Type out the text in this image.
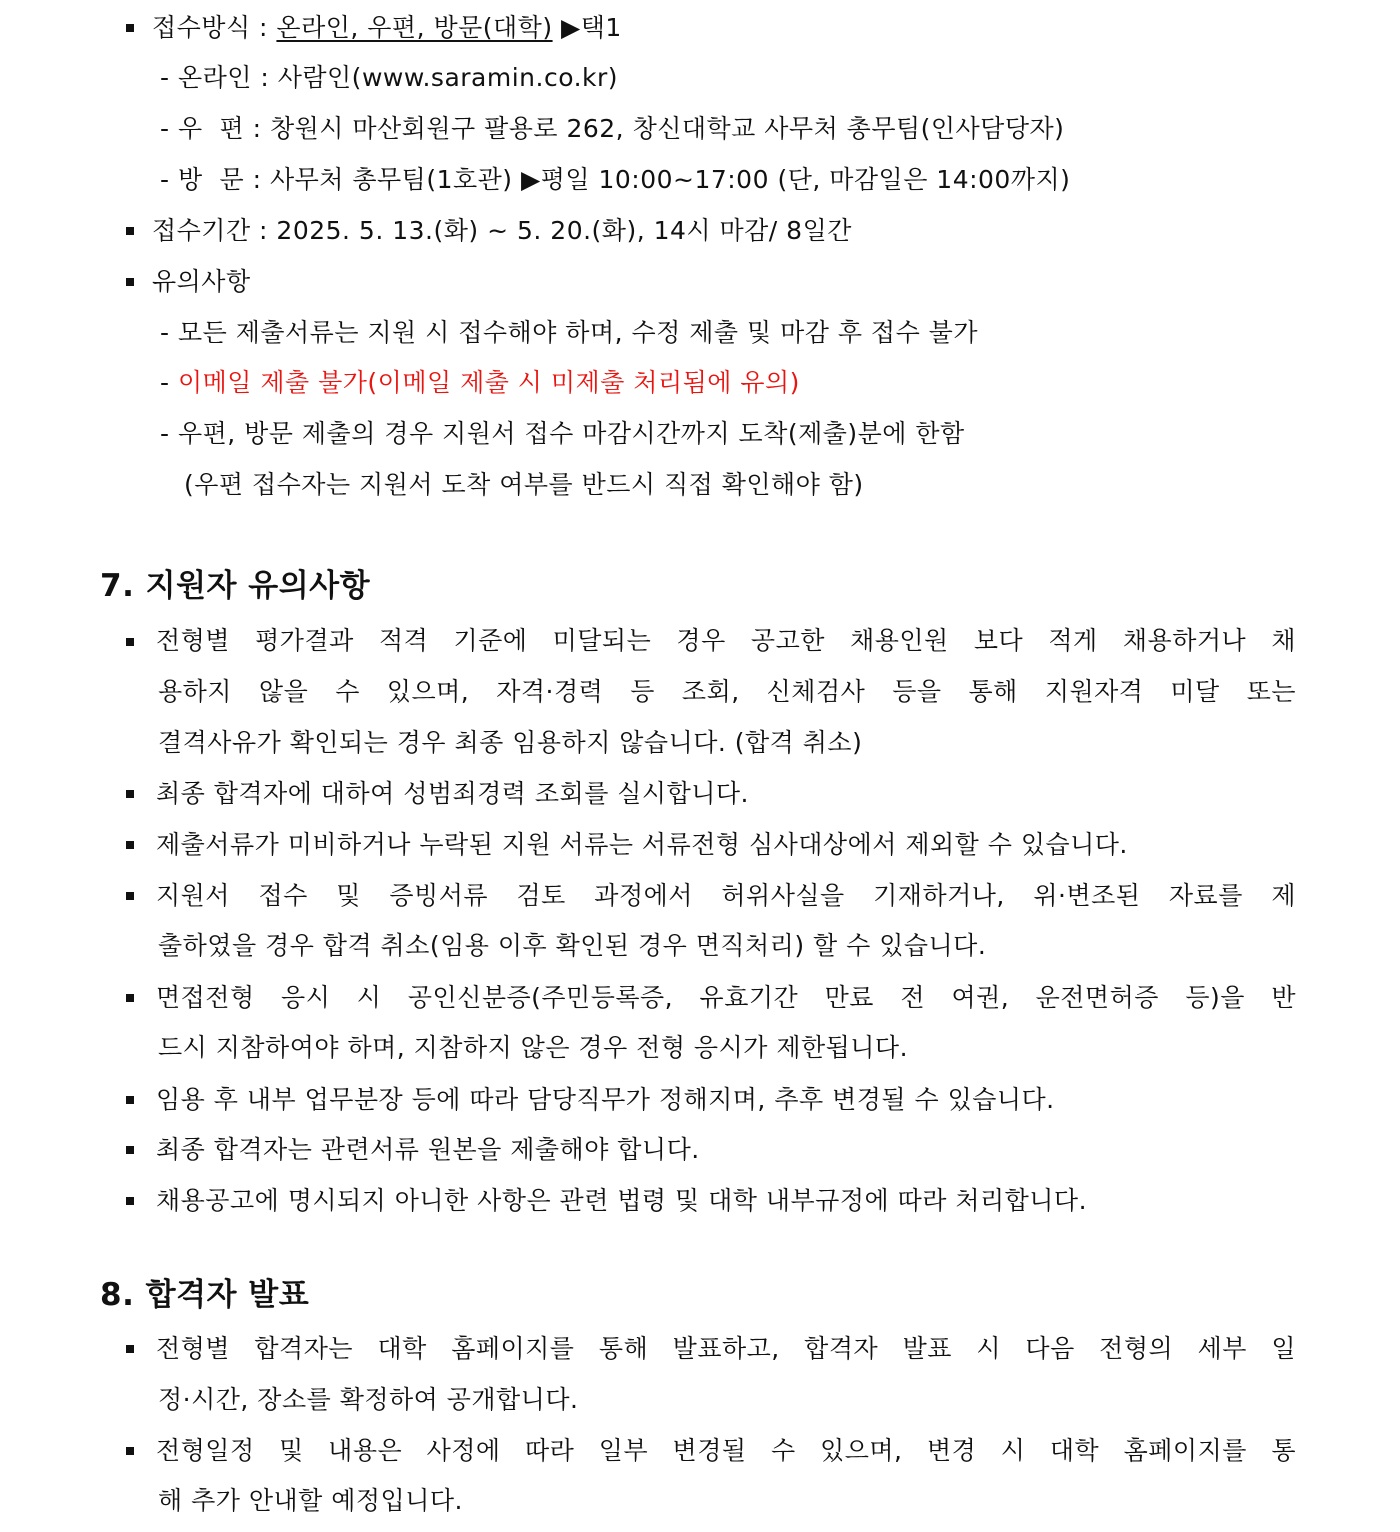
접수방식 : 온라인, 우편, 방문(대학) ▶택1
- 온라인 : 사람인(www.saramin.co.kr)
- 우  편 : 창원시 마산회원구 팔용로 262, 창신대학교 사무처 총무팀(인사담당자)
- 방  문 : 사무처 총무팀(1호관) ▶평일 10:00~17:00 (단, 마감일은 14:00까지)
접수기간 : 2025. 5. 13.(화) ~ 5. 20.(화), 14시 마감/ 8일간
유의사항
- 모든 제출서류는 지원 시 접수해야 하며, 수정 제출 및 마감 후 접수 불가
- 이메일 제출 불가(이메일 제출 시 미제출 처리됨에 유의)
- 우편, 방문 제출의 경우 지원서 접수 마감시간까지 도착(제출)분에 한함
(우편 접수자는 지원서 도착 여부를 반드시 직접 확인해야 함)
7. 지원자 유의사항
전형별 평가결과 적격 기준에 미달되는 경우 공고한 채용인원 보다 적게 채용하거나 채
용하지 않을 수 있으며, 자격·경력 등 조회, 신체검사 등을 통해 지원자격 미달 또는
결격사유가 확인되는 경우 최종 임용하지 않습니다. (합격 취소)
최종 합격자에 대하여 성범죄경력 조회를 실시합니다.
제출서류가 미비하거나 누락된 지원 서류는 서류전형 심사대상에서 제외할 수 있습니다.
지원서 접수 및 증빙서류 검토 과정에서 허위사실을 기재하거나, 위·변조된 자료를 제
출하였을 경우 합격 취소(임용 이후 확인된 경우 면직처리) 할 수 있습니다.
면접전형 응시 시 공인신분증(주민등록증, 유효기간 만료 전 여권, 운전면허증 등)을 반
드시 지참하여야 하며, 지참하지 않은 경우 전형 응시가 제한됩니다.
임용 후 내부 업무분장 등에 따라 담당직무가 정해지며, 추후 변경될 수 있습니다.
최종 합격자는 관련서류 원본을 제출해야 합니다.
채용공고에 명시되지 아니한 사항은 관련 법령 및 대학 내부규정에 따라 처리합니다.
8. 합격자 발표
전형별 합격자는 대학 홈페이지를 통해 발표하고, 합격자 발표 시 다음 전형의 세부 일
정·시간, 장소를 확정하여 공개합니다.
전형일정 및 내용은 사정에 따라 일부 변경될 수 있으며, 변경 시 대학 홈페이지를 통
해 추가 안내할 예정입니다.
